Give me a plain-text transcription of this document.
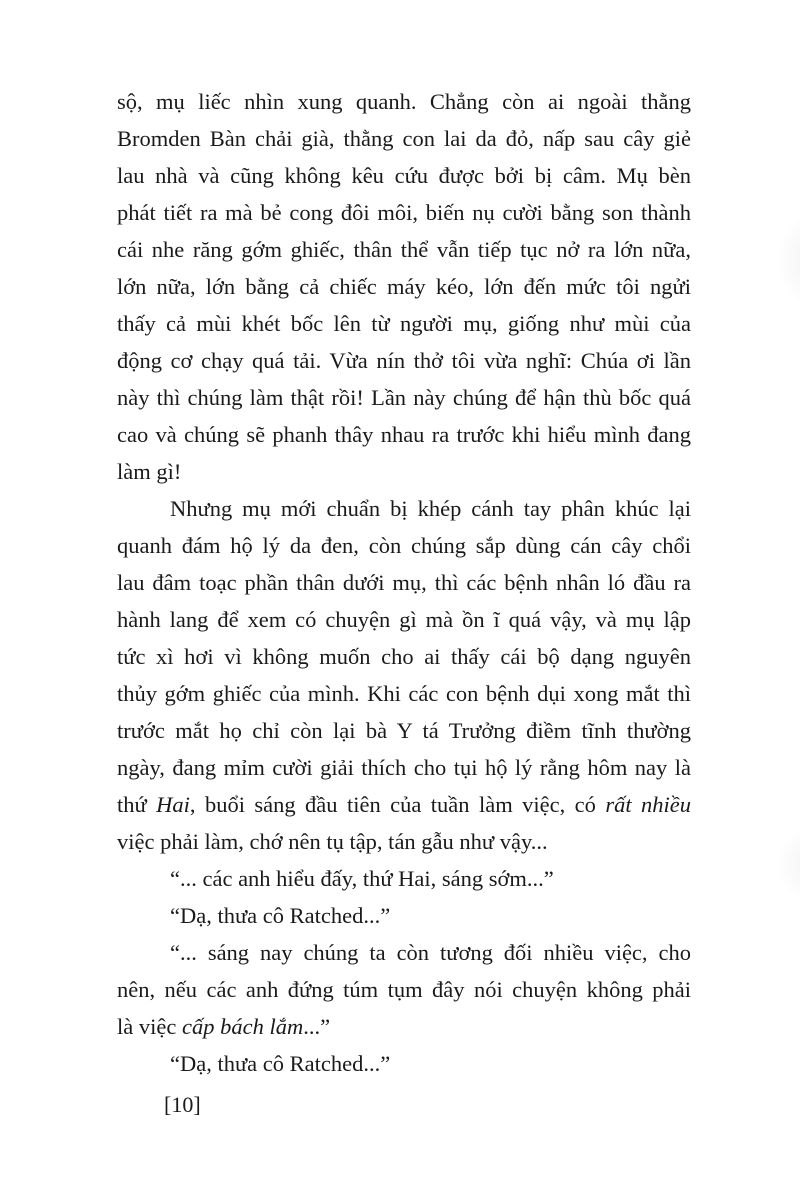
sộ, mụ liếc nhìn xung quanh. Chẳng còn ai ngoài thằng

Bromden Bàn chải già, thằng con lai da đỏ, nấp sau cây giẻ

lau nhà và cũng không kêu cứu được bởi bị câm. Mụ bèn

phát tiết ra mà bẻ cong đôi môi, biến nụ cười bằng son thành

cái nhe răng gớm ghiếc, thân thể vẫn tiếp tục nở ra lớn nữa,

lớn nữa, lớn bằng cả chiếc máy kéo, lớn đến mức tôi ngửi

thấy cả mùi khét bốc lên từ người mụ, giống như mùi của

động cơ chạy quá tải. Vừa nín thở tôi vừa nghĩ: Chúa ơi lần

này thì chúng làm thật rồi! Lần này chúng để hận thù bốc quá

cao và chúng sẽ phanh thây nhau ra trước khi hiểu mình đang

làm gì!

Nhưng mụ mới chuẩn bị khép cánh tay phân khúc lại

quanh đám hộ lý da đen, còn chúng sắp dùng cán cây chổi

lau đâm toạc phần thân dưới mụ, thì các bệnh nhân ló đầu ra

hành lang để xem có chuyện gì mà ồn ĩ quá vậy, và mụ lập

tức xì hơi vì không muốn cho ai thấy cái bộ dạng nguyên

thủy gớm ghiếc của mình. Khi các con bệnh dụi xong mắt thì

trước mắt họ chỉ còn lại bà Y tá Trưởng điềm tĩnh thường

ngày, đang mỉm cười giải thích cho tụi hộ lý rằng hôm nay là

thứ Hai, buổi sáng đầu tiên của tuần làm việc, có rất nhiều

việc phải làm, chớ nên tụ tập, tán gẫu như vậy...

“... các anh hiểu đấy, thứ Hai, sáng sớm...”

“Dạ, thưa cô Ratched...”

“... sáng nay chúng ta còn tương đối nhiều việc, cho

nên, nếu các anh đứng túm tụm đây nói chuyện không phải

là việc cấp bách lắm...”

“Dạ, thưa cô Ratched...”

[10]
